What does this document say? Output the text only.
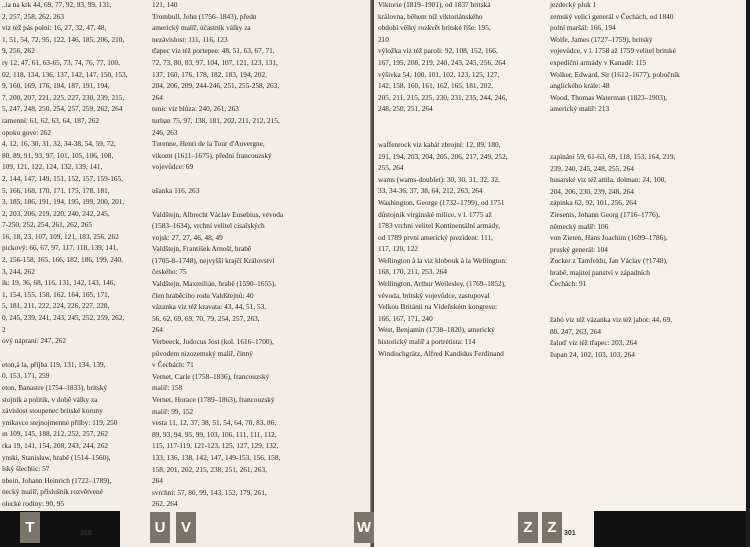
..ia na krk 44, 69, 77, 92, 93, 99, 131,
2, 257, 258, 262, 263
viz též pás polní: 16, 27, 32, 47, 48,
1, 51, 54, 72, 95, 122, 146, 185, 206, 210,
9, 256, 262
ry 12, 47, 61, 63-65, 73, 74, 76, 77, 100,
02, 118, 134, 136, 137, 142, 147, 150, 153,
9, 160, 169, 176, 184, 187, 191, 194,
7, 200, 207, 221, 225, 227, 230, 239, 215,
5, 247, 248, 250, 254, 257, 259, 262, 264
ramenní: 61, 62, 63, 64, 187, 262
opoku gove: 262
4, 12, 16, 30, 31, 32, 34-38, 54, 59, 72,
80, 89, 91, 93, 97, 101, 105, 106, 108,
109, 121, 122, 124, 132, 139, 141,
2, 144, 147, 149, 151, 152, 157, 159-165,
5, 166, 168, 170, 171, 175, 178, 181,
3, 185, 186, 191, 194, 195, 199, 200, 201,
2, 203, 206, 219, 220, 240, 242, 245,
7-250, 252, 254, 261, 262, 265
16, 18, 23, 107, 109, 121, 183, 256, 262
pickový: 66, 67, 97, 117, 118, 139, 141,
2, 156-158, 165, 166, 182, 186, 199, 240,
3, 244, 262
ik: 19, 36, 68, 116, 131, 142, 143, 146,
1, 154, 155, 158, 162, 164, 165, 171,
5, 181, 211, 222, 224, 226, 227, 228,
0, 245, 239, 241, 243, 245, 252, 259, 262,
2
ový nápraní: 247, 262
eton,á la, příjba 119, 131, 134, 139,
0, 153, 171, 259
eton, Banastre (1754–1833), britský
stojník a politik, v době války za
závislost stoupenec britské koruny
ynikavce stejnojmenné přilby: 119, 250
ın 109, 145, 188, 212, 252, 257, 262
rka 19, 141, 154, 208, 243, 244, 262
ynski, Stanisław, hrabě (1514–1560),
lský šlechtic: 57
nbein, Johann Heinrich (1722–1789),
necký malíř, příslušník rozvětvené
olecké rodiny: 90, 95
121, 140
Trombull, John (1756–1843), předn
americký malíř, účastník války za
nezávislost: 111, 116, 123
třapec viz též portepee: 48, 51, 63, 67, 71,
72, 73, 80, 83, 97, 104, 107, 121, 123, 131,
137, 160, 176, 178, 182, 183, 194, 202,
204, 206, 209, 244-246, 251, 255-258, 263,
264
tunic viz blůza: 240, 261, 263
turban 75, 97, 138, 181, 202, 211, 212, 215,
246, 263
Turenne, Henri de la Tour d'Auvergne,
vikomt (1611–1675), přední francouzský
vojevůdce: 69
ušanka 116, 263
Valdštejn, Albrecht Václav Eusebius, vévoda
(1583–1634), vrchní velitel císařských
vojsk: 27, 27, 46, 48, 49
Valdštejn, František Arnošt, hrabě
(1705-8–1748), nejvyšší krajčí Království
českého: 75
Valdštejn, Maxmilián, hrabě (1590–1655),
člen hraběcího rodu Valdštejnů: 40
vázanka viz též kravata: 43, 44, 51, 53,
56, 62, 69, 69, 70, 79, 254, 257, 263,
264
Verbeeck, Jodocus Jost (kol. 1616–1700),
původem nizozemský malíř, činný
v Čechách: 71
Vernet, Carle (1758–1836), francouzský
malíř: 158
Vernet, Horace (1789–1863), francouzský
malíř: 99, 152
vesta 11, 12, 37, 38, 51, 54, 64, 70, 83, 86,
89, 93, 94, 95, 99, 103, 106, 111, 111, 112,
115, 117-119, 121-123, 125, 127, 129, 132,
133, 136, 138, 142, 147, 149-153, 156, 158,
158, 201, 202, 215, 238, 251, 261, 263,
264
svrchní: 57, 80, 99, 143, 152, 179, 261,
262, 264
T	300	U	V
Viktorie (1819–1901), od 1837 britská
královna, během níž viktoriánského
období vělký rozkvět britské říše: 195,
210
výložka viz též paroli: 92, 108, 152, 166,
167, 195, 208, 219, 240, 243, 245, 256, 264
výšivka 54, 100, 101, 102, 123, 125, 127,
142, 158, 160, 161, 162, 165, 181, 202,
205, 211, 215, 225, 230, 231, 235, 244, 246,
248, 250, 251, 264
waffenrock viz kabát zbrojní: 12, 89, 180,
191, 194, 203, 204, 205, 206, 217, 249, 252,
255, 264
wams (wams-doublet): 30, 30, 31, 32, 32,
33, 34-36, 37, 38, 64, 212, 263, 264
Washington, George (1732–1799), od 1751
důstojník virgínské milice, v l. 1775 až
1783 vrchní velitel Kontinentální armády,
od 1789 první americký prezident: 111,
117, 120, 122
Wellington à la viz klobouk à la Wellington:
168, 170, 211, 253, 264
Wellington, Arthur Wellesley, (1769–1852),
vévoda, britský vojevůdce, zastupoval
Velkou Británii na Vídeňském kongresu:
166, 167, 171, 240
West, Benjamin (1738–1820), americký
historický malíř a portrétista: 114
Windischgrätz, Alfred Kandidus Ferdinand
jezdecký pluk 1
zemský velicí generál v Čechách, od 1840
polní maršál: 166, 194
Wolfe, James (1727–1759), britský
vojevůdce, v l. 1758 až 1759 velitel britské
expediční armády v Kanadě: 115
Wolker, Edward, Sir (1612–1677), pobočník
anglického krále: 48
Wood, Thomas Waterman (1823–1903),
americký malíř: 213
zapínání 59, 61-63, 69, 118, 153, 164, 219,
239, 240, 245, 248, 255, 264
husarské viz též attila, dolman: 24, 100,
204, 206, 230, 239, 248, 264
zápinka 62, 92, 101, 256, 264
Ziesenis, Johann Georg (1716–1776),
německý malíř: 106
von Zieten, Hans Joachim (1699–1786),
pruský generál: 104
Zucker z Tamfeldu, Jan Václav (†1748),
hrabě, majitel panství v západních
Čechách: 91
žabó viz též vázanka viz též jabot: 44, 69,
80, 247, 263, 264
žaluď viz též třapec: 203, 264
župan 24, 102, 103, 103, 264
W	Z Z	301
